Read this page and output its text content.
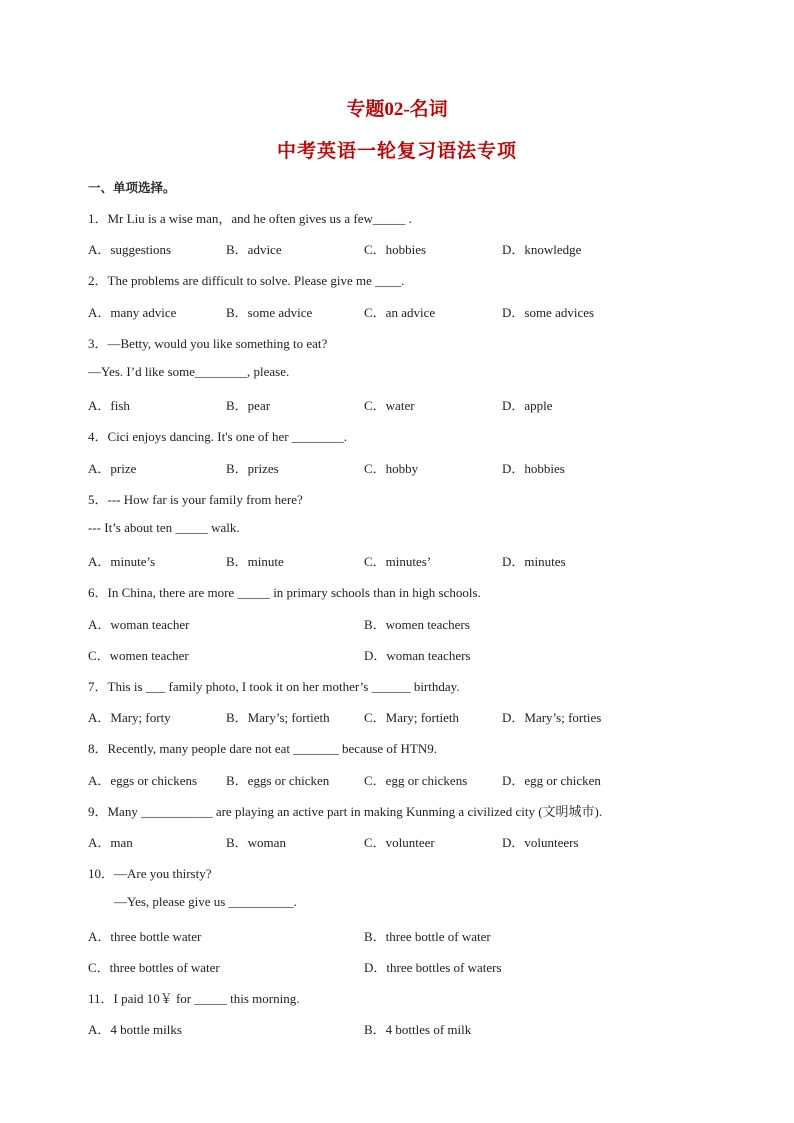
专题02-名词
中考英语一轮复习语法专项
一、单项选择。
1．Mr Liu is a wise man，and he often gives us a few_____ .
A．suggestions	B．advice	C．hobbies	D．knowledge
2．The problems are difficult to solve. Please give me ____.
A．many advice	B．some advice	C．an advice	D．some advices
3．—Betty, would you like something to eat?
—Yes. I’d like some________, please.
A．fish	B．pear	C．water	D．apple
4．Cici enjoys dancing. It's one of her ________.
A．prize	B．prizes	C．hobby	D．hobbies
5．--- How far is your family from here?
--- It’s about ten _____ walk.
A．minute’s	B．minute	C．minutes’	D．minutes
6．In China, there are more _____ in primary schools than in high schools.
A．woman teacher	B．women teachers
C．women teacher	D．woman teachers
7．This is ___ family photo, I took it on her mother’s ______ birthday.
A．Mary; forty	B．Mary’s; fortieth	C．Mary; fortieth	D．Mary’s; forties
8．Recently, many people dare not eat _______ because of HTN9.
A．eggs or chickens B．eggs or chicken	C．egg or chickens	D．egg or chicken
9．Many ___________ are playing an active part in making Kunming a civilized city (文明城市).
A．man	B．woman	C．volunteer	D．volunteers
10．—Are you thirsty?
—Yes, please give us __________.
A．three bottle water	B．three bottle of water
C．three bottles of water	D．three bottles of waters
11．I paid 10￥ for _____ this morning.
A．4 bottle milks	B．4 bottles of milk
